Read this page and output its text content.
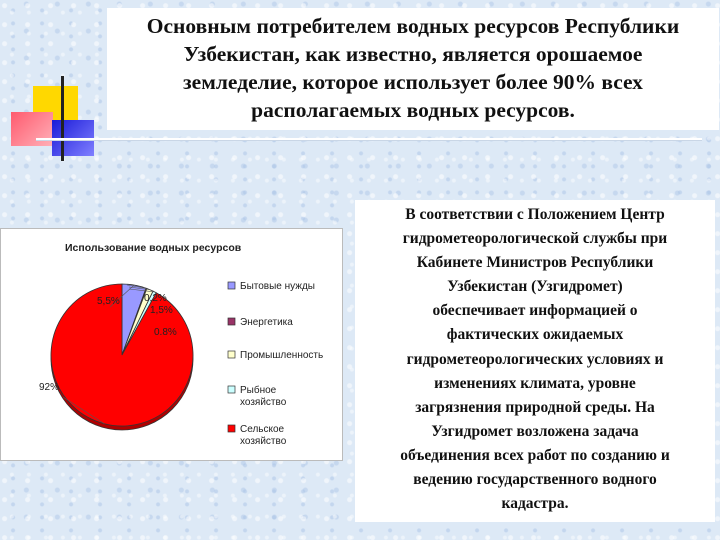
Основным потребителем водных ресурсов Республики
Узбекистан, как известно, является орошаемое
земледелие, которое использует более 90% всех
располагаемых водных ресурсов.
В соответствии с Положением Центр
гидрометеорологической службы при
Кабинете Министров Республики
Узбекистан (Узгидромет)
обеспечивает информацией о
фактических ожидаемых
гидрометеорологических условиях и
изменениях климата, уровне
загрязнения природной среды. На
Узгидромет возложена задача
объединения всех работ по созданию и
ведению государственного водного
кадастра.
Использование водных ресурсов
5,5% 0,2%
1,5%
0.8%
92%
Бытовые нужды
Энергетика
Промышленность
Рыбное
хозяйство
Сельское
хозяйство
